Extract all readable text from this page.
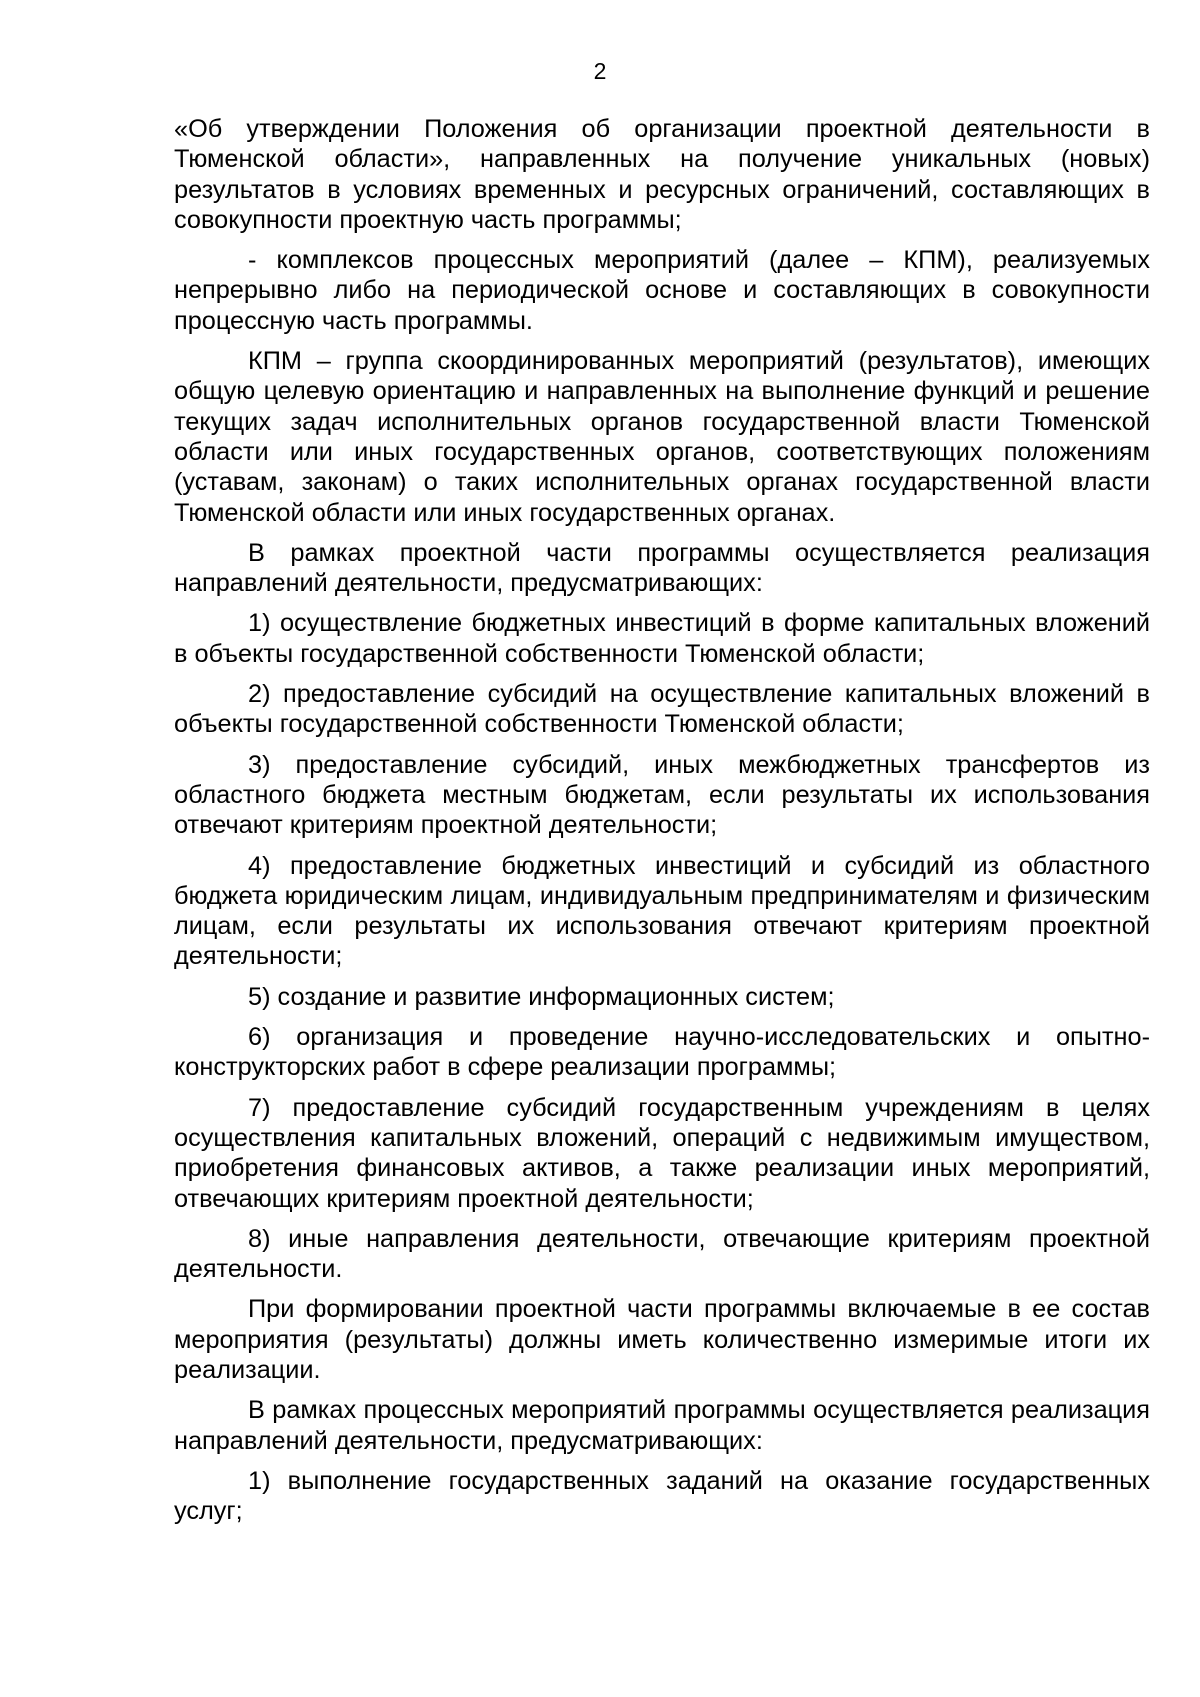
2

«Об утверждении Положения об организации проектной деятельности в Тюменской области», направленных на получение уникальных (новых) результатов в условиях временных и ресурсных ограничений, составляющих в совокупности проектную часть программы;

- комплексов процессных мероприятий (далее – КПМ), реализуемых непрерывно либо на периодической основе и составляющих в совокупности процессную часть программы.

КПМ – группа скоординированных мероприятий (результатов), имеющих общую целевую ориентацию и направленных на выполнение функций и решение текущих задач исполнительных органов государственной власти Тюменской области или иных государственных органов, соответствующих положениям (уставам, законам) о таких исполнительных органах государственной власти Тюменской области или иных государственных органах.

В рамках проектной части программы осуществляется реализация направлений деятельности, предусматривающих:

1) осуществление бюджетных инвестиций в форме капитальных вложений в объекты государственной собственности Тюменской области;

2) предоставление субсидий на осуществление капитальных вложений в объекты государственной собственности Тюменской области;

3) предоставление субсидий, иных межбюджетных трансфертов из областного бюджета местным бюджетам, если результаты их использования отвечают критериям проектной деятельности;

4) предоставление бюджетных инвестиций и субсидий из областного бюджета юридическим лицам, индивидуальным предпринимателям и физическим лицам, если результаты их использования отвечают критериям проектной деятельности;

5) создание и развитие информационных систем;

6) организация и проведение научно-исследовательских и опытно-конструкторских работ в сфере реализации программы;

7) предоставление субсидий государственным учреждениям в целях осуществления капитальных вложений, операций с недвижимым имуществом, приобретения финансовых активов, а также реализации иных мероприятий, отвечающих критериям проектной деятельности;

8) иные направления деятельности, отвечающие критериям проектной деятельности.

При формировании проектной части программы включаемые в ее состав мероприятия (результаты) должны иметь количественно измеримые итоги их реализации.

В рамках процессных мероприятий программы осуществляется реализация направлений деятельности, предусматривающих:

1) выполнение государственных заданий на оказание государственных услуг;
